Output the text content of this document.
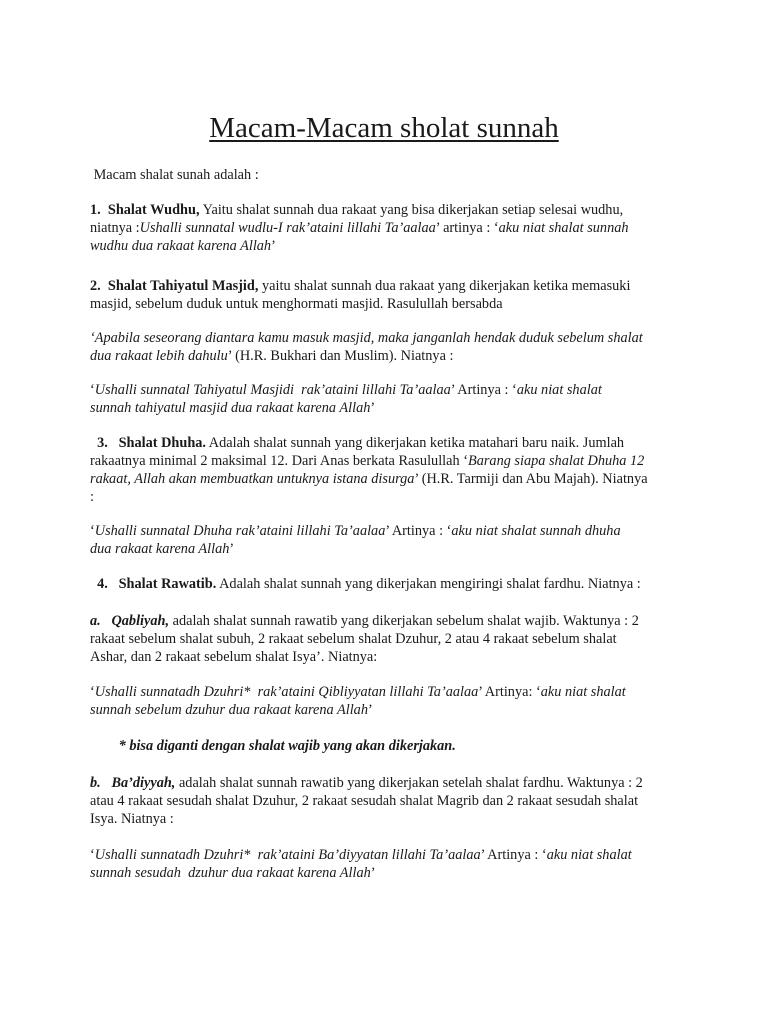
Macam-Macam sholat sunnah
Macam shalat sunah adalah :
1.  Shalat Wudhu, Yaitu shalat sunnah dua rakaat yang bisa dikerjakan setiap selesai wudhu,
niatnya :Ushalli sunnatal wudlu-I rak’ataini lillahi Ta’aalaa’ artinya : ‘aku niat shalat sunnah
wudhu dua rakaat karena Allah’
2.  Shalat Tahiyatul Masjid, yaitu shalat sunnah dua rakaat yang dikerjakan ketika memasuki
masjid, sebelum duduk untuk menghormati masjid. Rasulullah bersabda
‘Apabila seseorang diantara kamu masuk masjid, maka janganlah hendak duduk sebelum shalat
dua rakaat lebih dahulu’ (H.R. Bukhari dan Muslim). Niatnya :
‘Ushalli sunnatal Tahiyatul Masjidi  rak’ataini lillahi Ta’aalaa’ Artinya : ‘aku niat shalat
sunnah tahiyatul masjid dua rakaat karena Allah’
3.   Shalat Dhuha. Adalah shalat sunnah yang dikerjakan ketika matahari baru naik. Jumlah
rakaatnya minimal 2 maksimal 12. Dari Anas berkata Rasulullah ‘Barang siapa shalat Dhuha 12
rakaat, Allah akan membuatkan untuknya istana disurga’ (H.R. Tarmiji dan Abu Majah). Niatnya
:
‘Ushalli sunnatal Dhuha rak’ataini lillahi Ta’aalaa’ Artinya : ‘aku niat shalat sunnah dhuha
dua rakaat karena Allah’
4.   Shalat Rawatib. Adalah shalat sunnah yang dikerjakan mengiringi shalat fardhu. Niatnya :
a.   Qabliyah, adalah shalat sunnah rawatib yang dikerjakan sebelum shalat wajib. Waktunya : 2
rakaat sebelum shalat subuh, 2 rakaat sebelum shalat Dzuhur, 2 atau 4 rakaat sebelum shalat
Ashar, dan 2 rakaat sebelum shalat Isya’. Niatnya:
‘Ushalli sunnatadh Dzuhri*  rak’ataini Qibliyyatan lillahi Ta’aalaa’ Artinya: ‘aku niat shalat
sunnah sebelum dzuhur dua rakaat karena Allah’
* bisa diganti dengan shalat wajib yang akan dikerjakan.
b.   Ba’diyyah, adalah shalat sunnah rawatib yang dikerjakan setelah shalat fardhu. Waktunya : 2
atau 4 rakaat sesudah shalat Dzuhur, 2 rakaat sesudah shalat Magrib dan 2 rakaat sesudah shalat
Isya. Niatnya :
‘Ushalli sunnatadh Dzuhri*  rak’ataini Ba’diyyatan lillahi Ta’aalaa’ Artinya : ‘aku niat shalat
sunnah sesudah  dzuhur dua rakaat karena Allah’
